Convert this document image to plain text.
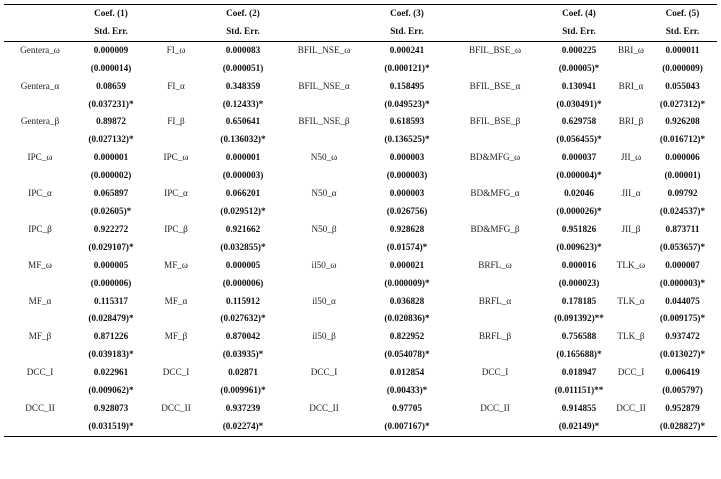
	Coef. (1)		Coef. (2)		Coef. (3)		Coef. (4)		Coef. (5)
	Std. Err.		Std. Err.		Std. Err.		Std. Err.		Std. Err.
Gentera_ω	0.000009	FI_ω	0.000083	BFIL_NSE_ω	0.000241	BFIL_BSE_ω	0.000225	BRI_ω	0.000011
	(0.000014)		(0.000051)		(0.000121)*		(0.00005)*		(0.000009)
Gentera_α	0.08659	FI_α	0.348359	BFIL_NSE_α	0.158495	BFIL_BSE_α	0.130941	BRI_α	0.055043
	(0.037231)*		(0.12433)*		(0.049523)*		(0.030491)*		(0.027312)*
Gentera_β	0.89872	FI_β	0.650641	BFIL_NSE_β	0.618593	BFIL_BSE_β	0.629758	BRI_β	0.926208
	(0.027132)*		(0.136032)*		(0.136525)*		(0.056455)*		(0.016712)*
IPC_ω	0.000001	IPC_ω	0.000001	N50_ω	0.000003	BD&MFG_ω	0.000037	JII_ω	0.000006
	(0.000002)		(0.000003)		(0.000003)		(0.000004)*		(0.00001)
IPC_α	0.065897	IPC_α	0.066201	N50_α	0.000003	BD&MFG_α	0.02046	JII_α	0.09792
	(0.02605)*		(0.029512)*		(0.026756)		(0.000026)*		(0.024537)*
IPC_β	0.922272	IPC_β	0.921662	N50_β	0.928628	BD&MFG_β	0.951826	JII_β	0.873711
	(0.029107)*		(0.032855)*		(0.01574)*		(0.009623)*		(0.053657)*
MF_ω	0.000005	MF_ω	0.000005	il50_ω	0.000021	BRFL_ω	0.000016	TLK_ω	0.000007
	(0.000006)		(0.000006)		(0.000009)*		(0.000023)		(0.000003)*
MF_α	0.115317	MF_α	0.115912	il50_α	0.036828	BRFL_α	0.178185	TLK_α	0.044075
	(0.028479)*		(0.027632)*		(0.020836)*		(0.091392)**		(0.009175)*
MF_β	0.871226	MF_β	0.870042	il50_β	0.822952	BRFL_β	0.756588	TLK_β	0.937472
	(0.039183)*		(0.03935)*		(0.054078)*		(0.165688)*		(0.013027)*
DCC_I	0.022961	DCC_I	0.02871	DCC_I	0.012854	DCC_I	0.018947	DCC_I	0.006419
	(0.009062)*		(0.009961)*		(0.00433)*		(0.011151)**		(0.005797)
DCC_II	0.928073	DCC_II	0.937239	DCC_II	0.97705	DCC_II	0.914855	DCC_II	0.952879
	(0.031519)*		(0.02274)*		(0.007167)*		(0.02149)*		(0.028827)*
